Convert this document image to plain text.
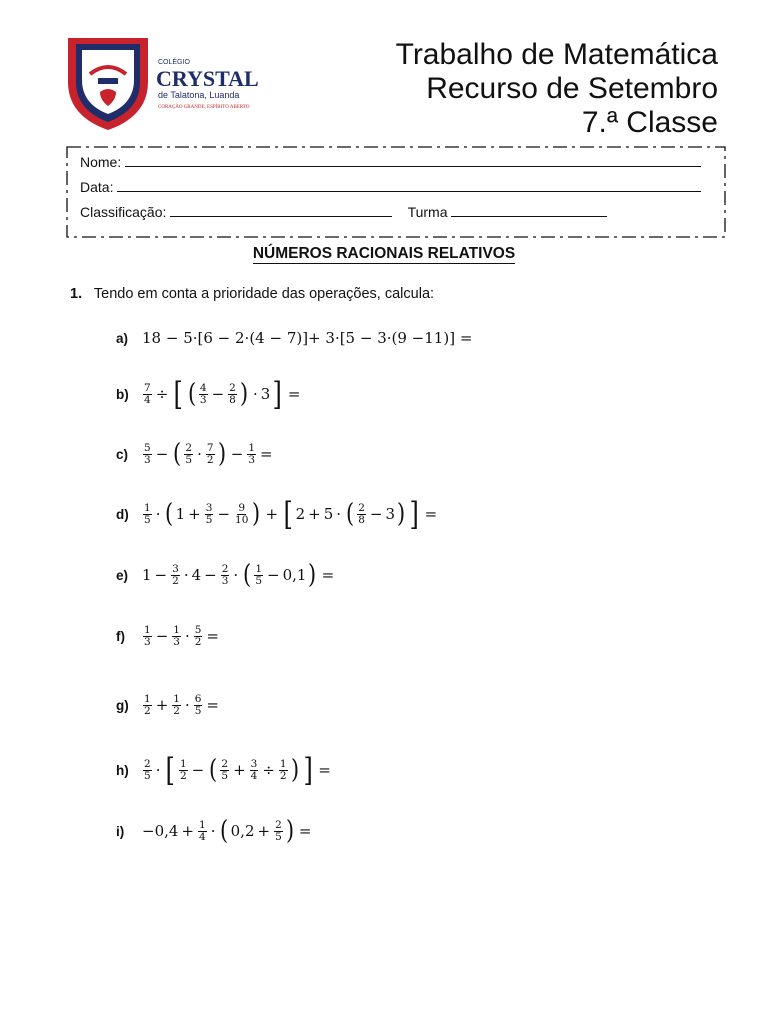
COLÉGIO
CRYSTAL
de Talatona, Luanda
CORAÇÃO GRANDE, ESPÍRITO ABERTO
Trabalho de Matemática
Recurso de Setembro
7.ª Classe
Nome:
Data:
Classificação:	Turma
NÚMEROS RACIONAIS RELATIVOS
1. Tendo em conta a prioridade das operações, calcula:
a) 18 − 5·[6 − 2·(4 − 7)]+ 3·[5 − 3·(9 −11)] =
b)	$\frac{7}{4}$ ÷ [ ( $\frac{4}{3} - \frac{2}{8}$ ) · 3 ] =
c)	$\frac{5}{3}$ − ( $\frac{2}{5} \cdot \frac{7}{2}$ ) − $\frac{1}{3}$ =
d)	$\frac{1}{5}$ · ( $1 + \frac{3}{5} - \frac{9}{10}$ ) + [ 2 + 5 · ( $\frac{2}{8} - 3$ ) ] =
e) $1 - \frac{3}{2} \cdot 4 - \frac{2}{3}$ · ( $\frac{1}{5} - 0,1$ ) =
f)	$\frac{1}{3} - \frac{1}{3} \cdot \frac{5}{2}$ =
g)	$\frac{1}{2} + \frac{1}{2} \cdot \frac{6}{5}$ =
h)	$\frac{2}{5}$ · [ $\frac{1}{2}$ − ( $\frac{2}{5} + \frac{3}{4} \div \frac{1}{2}$ ) ] =
i)	$-0,4 + \frac{1}{4}$ · ( $0,2 + \frac{2}{5}$ ) =
